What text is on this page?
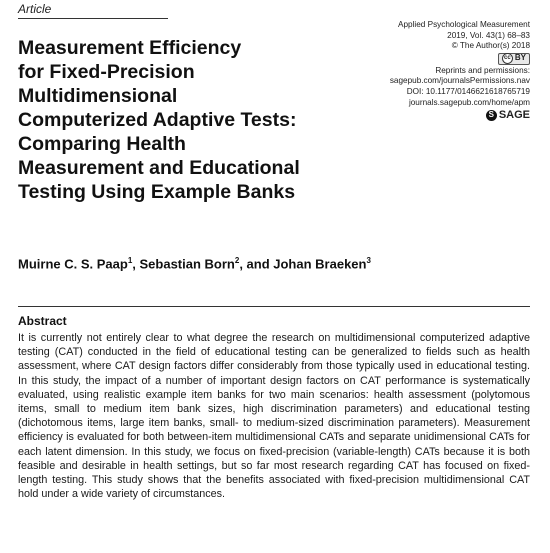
Article
Measurement Efficiency
for Fixed-Precision
Multidimensional
Computerized Adaptive Tests:
Comparing Health
Measurement and Educational
Testing Using Example Banks
Applied Psychological Measurement
2019, Vol. 43(1) 68–83
© The Author(s) 2018
cc BY
Reprints and permissions:
sagepub.com/journalsPermissions.nav
DOI: 10.1177/0146621618765719
journals.sagepub.com/home/apm
S SAGE
Muirne C. S. Paap$^1$, Sebastian Born$^2$, and Johan Braeken$^3$
Abstract

It is currently not entirely clear to what degree the research on multidimensional computerized adaptive testing (CAT) conducted in the field of educational testing can be generalized to fields such as health assessment, where CAT design factors differ considerably from those typically used in educational testing. In this study, the impact of a number of important design factors on CAT performance is systematically evaluated, using realistic example item banks for two main scenarios: health assessment (polytomous items, small to medium item bank sizes, high discrimination parameters) and educational testing (dichotomous items, large item banks, small- to medium-sized discrimination parameters). Measurement efficiency is evaluated for both between-item multidimensional CATs and separate unidimensional CATs for each latent dimension. In this study, we focus on fixed-precision (variable-length) CATs because it is both feasible and desirable in health settings, but so far most research regarding CAT has focused on fixed-length testing. This study shows that the benefits associated with fixed-precision multidimensional CAT hold under a wide variety of circumstances.
